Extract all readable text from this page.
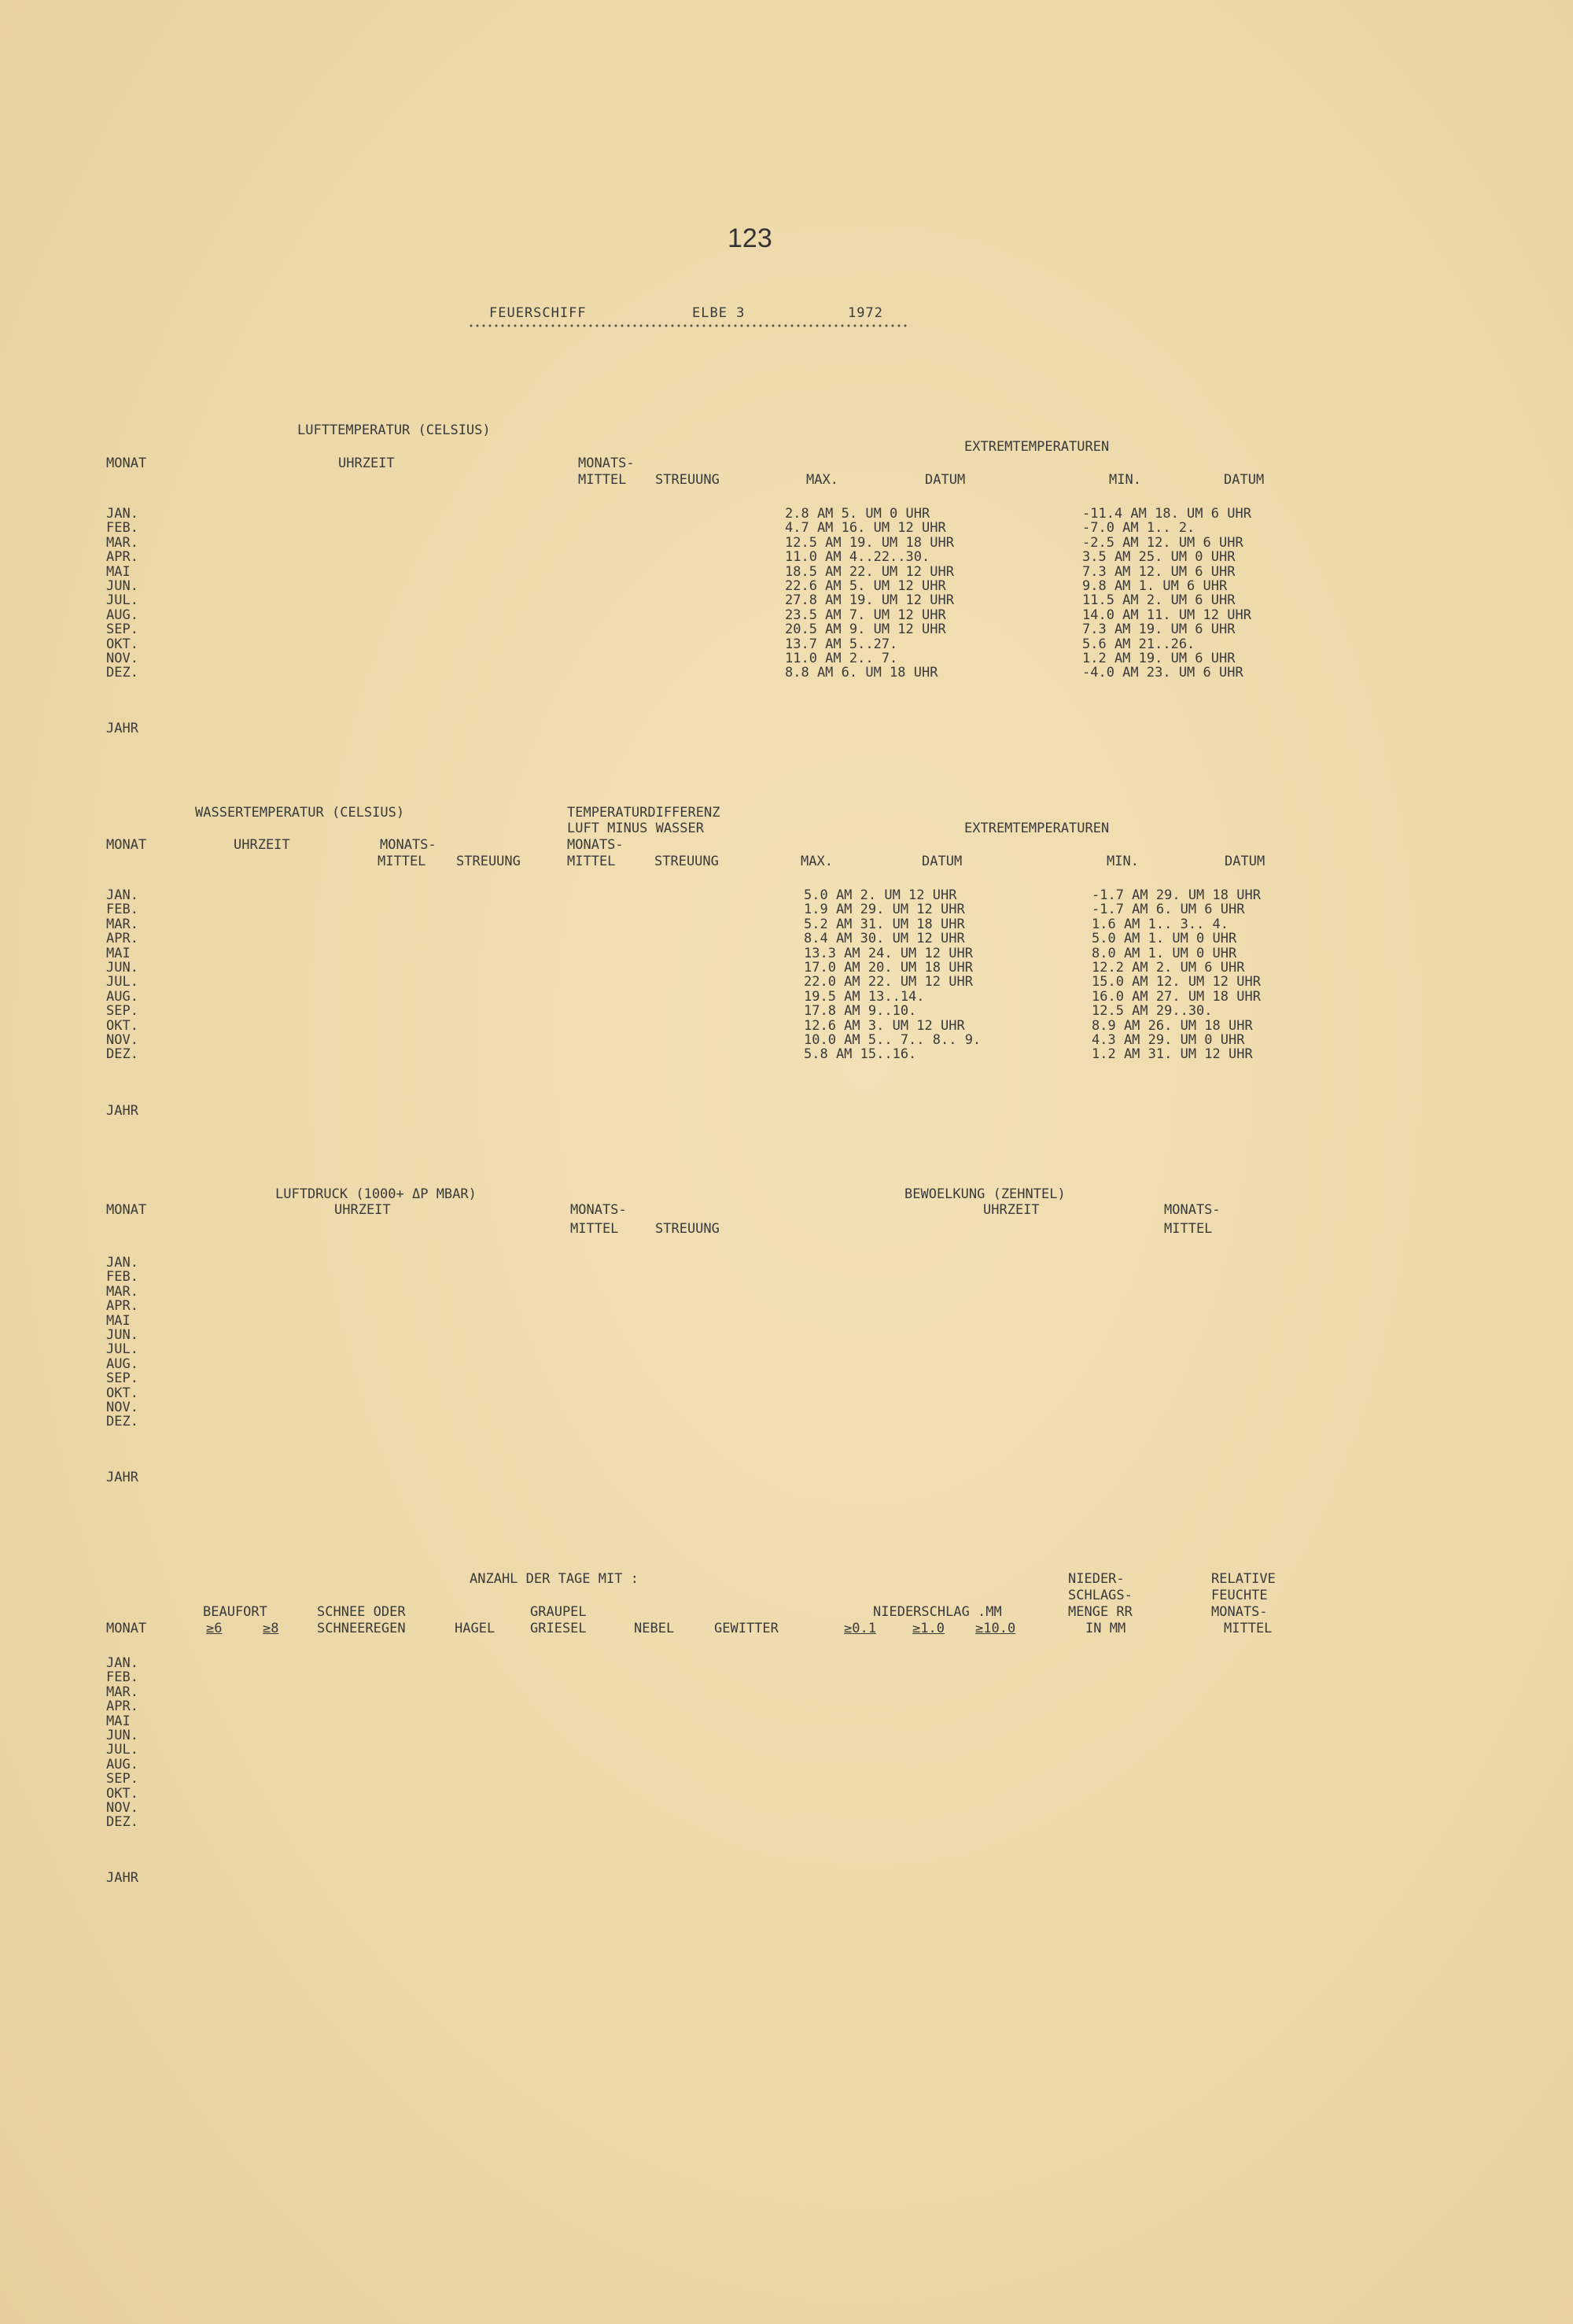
123
FEUERSCHIFF	ELBE 3	1972
LUFTTEMPERATUR (CELSIUS)
EXTREMTEMPERATUREN
MONAT	UHRZEIT	MONATS-
MITTEL STREUUNG	MAX.	DATUM	MIN.	DATUM
JAN.	2.8 AM 5. UM 0 UHR	-11.4 AM 18. UM 6 UHR
FEB.	4.7 AM 16. UM 12 UHR	-7.0 AM 1.. 2.
MAR.	12.5 AM 19. UM 18 UHR	-2.5 AM 12. UM 6 UHR
APR.	11.0 AM 4..22..30.	3.5 AM 25. UM 0 UHR
MAI	18.5 AM 22. UM 12 UHR	7.3 AM 12. UM 6 UHR
JUN.	22.6 AM 5. UM 12 UHR	9.8 AM 1. UM 6 UHR
JUL.	27.8 AM 19. UM 12 UHR	11.5 AM 2. UM 6 UHR
AUG.	23.5 AM 7. UM 12 UHR	14.0 AM 11. UM 12 UHR
SEP.	20.5 AM 9. UM 12 UHR	7.3 AM 19. UM 6 UHR
OKT.	13.7 AM 5..27.	5.6 AM 21..26.
NOV.	11.0 AM 2.. 7.	1.2 AM 19. UM 6 UHR
DEZ.	8.8 AM 6. UM 18 UHR	-4.0 AM 23. UM 6 UHR
JAHR
WASSERTEMPERATUR (CELSIUS)	TEMPERATURDIFFERENZ
LUFT MINUS WASSER	EXTREMTEMPERATUREN
MONAT	UHRZEIT	MONATS-	MONATS-
MITTEL STREUUNG	MITTEL	STREUUNG	MAX.	DATUM	MIN.	DATUM
JAN.	5.0 AM 2. UM 12 UHR	-1.7 AM 29. UM 18 UHR
FEB.	1.9 AM 29. UM 12 UHR	-1.7 AM 6. UM 6 UHR
MAR.	5.2 AM 31. UM 18 UHR	1.6 AM 1.. 3.. 4.
APR.	8.4 AM 30. UM 12 UHR	5.0 AM 1. UM 0 UHR
MAI	13.3 AM 24. UM 12 UHR	8.0 AM 1. UM 0 UHR
JUN.	17.0 AM 20. UM 18 UHR	12.2 AM 2. UM 6 UHR
JUL.	22.0 AM 22. UM 12 UHR	15.0 AM 12. UM 12 UHR
AUG.	19.5 AM 13..14.	16.0 AM 27. UM 18 UHR
SEP.	17.8 AM 9..10.	12.5 AM 29..30.
OKT.	12.6 AM 3. UM 12 UHR	8.9 AM 26. UM 18 UHR
NOV.	10.0 AM 5.. 7.. 8.. 9.	4.3 AM 29. UM 0 UHR
DEZ.	5.8 AM 15..16.	1.2 AM 31. UM 12 UHR
JAHR
LUFTDRUCK (1000+ ΔP MBAR)	BEWOELKUNG (ZEHNTEL)
MONAT	UHRZEIT	MONATS-	UHRZEIT	MONATS-
MITTEL	STREUUNG	MITTEL
JAN.
FEB.
MAR.
APR.
MAI
JUN.
JUL.
AUG.
SEP.
OKT.
NOV.
DEZ.
JAHR
ANZAHL DER TAGE MIT :	NIEDER-	RELATIVE
SCHLAGS-	FEUCHTE
BEAUFORT	SCHNEE ODER	GRAUPEL	NIEDERSCHLAG .MM	MENGE RR	MONATS-
MONAT	≥6	≥8	SCHNEEREGEN	HAGEL	GRIESEL	NEBEL	GEWITTER	≥0.1	≥1.0 ≥10.0	IN MM	MITTEL
JAN.
FEB.
MAR.
APR.
MAI
JUN.
JUL.
AUG.
SEP.
OKT.
NOV.
DEZ.
JAHR
